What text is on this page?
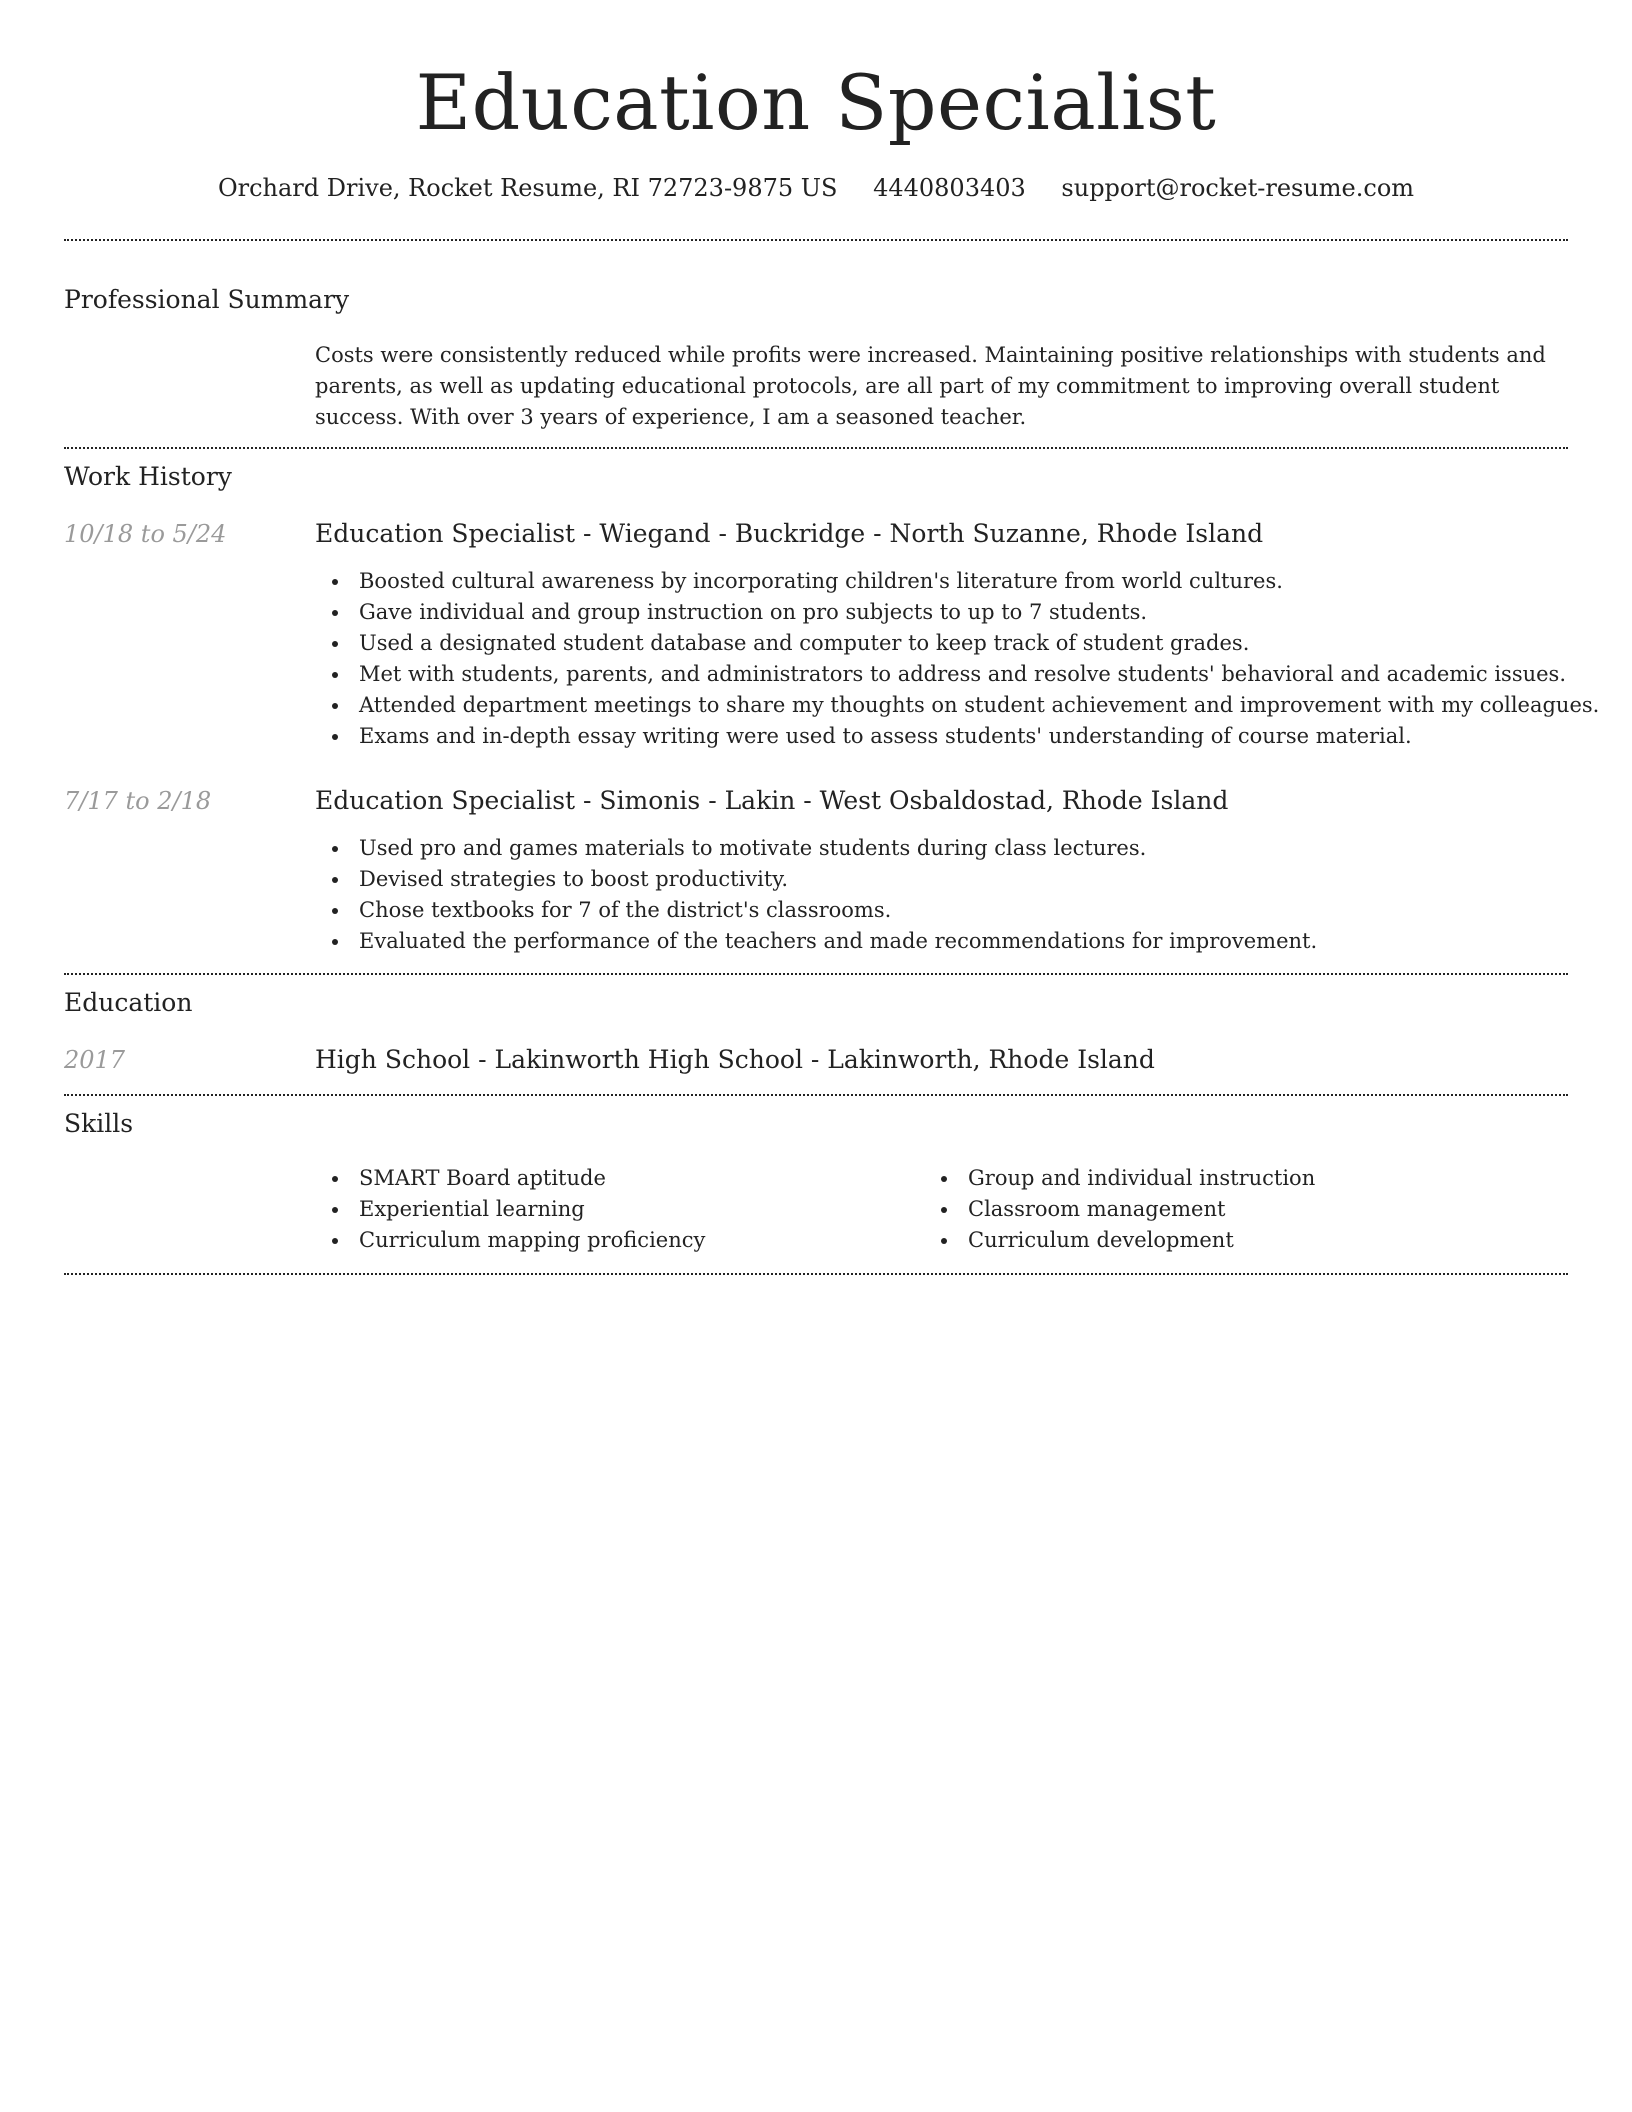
Education Specialist
Orchard Drive, Rocket Resume, RI 72723-9875 US 4440803403 support@rocket-resume.com
Professional Summary

Costs were consistently reduced while profits were increased. Maintaining positive relationships with students and parents, as well as updating educational protocols, are all part of my commitment to improving overall student success. With over 3 years of experience, I am a seasoned teacher.

Work History
10/18 to 5/24	Education Specialist - Wiegand - Buckridge - North Suzanne, Rhode Island
Boosted cultural awareness by incorporating children's literature from world cultures.
Gave individual and group instruction on pro subjects to up to 7 students.
Used a designated student database and computer to keep track of student grades.
Met with students, parents, and administrators to address and resolve students' behavioral and academic issues.
Attended department meetings to share my thoughts on student achievement and improvement with my colleagues.
Exams and in-depth essay writing were used to assess students' understanding of course material.
7/17 to 2/18	Education Specialist - Simonis - Lakin - West Osbaldostad, Rhode Island
Used pro and games materials to motivate students during class lectures.
Devised strategies to boost productivity.
Chose textbooks for 7 of the district's classrooms.
Evaluated the performance of the teachers and made recommendations for improvement.
Education
2017	High School - Lakinworth High School - Lakinworth, Rhode Island
Skills
SMART Board aptitude
Experiential learning
Curriculum mapping proficiency
Group and individual instruction
Classroom management
Curriculum development
